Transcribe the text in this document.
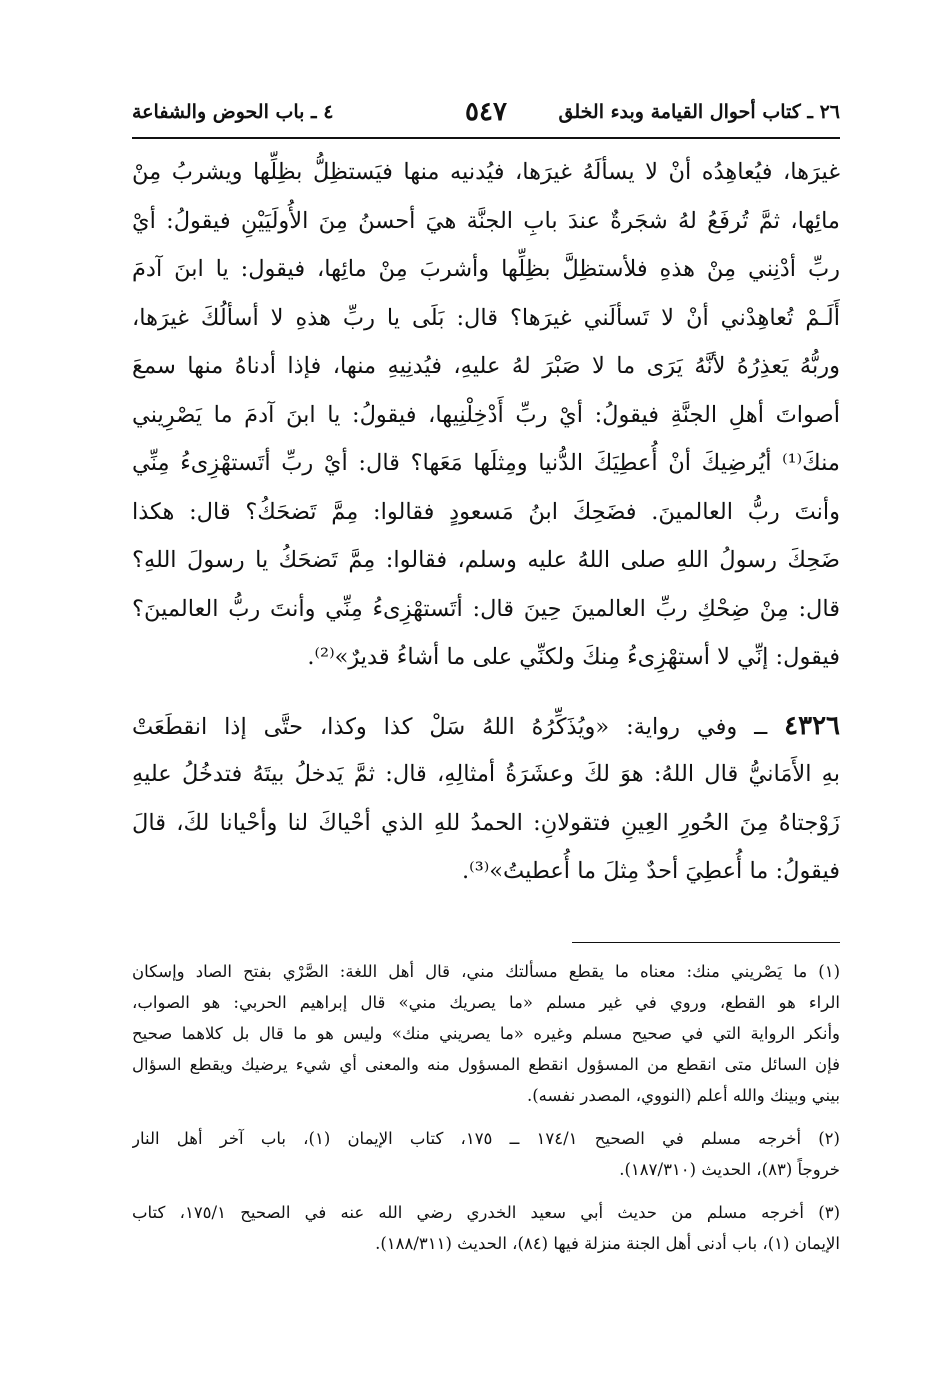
٢٦ ـ كتاب أحوال القيامة وبدء الخلق
٥٤٧
٤ ـ باب الحوض والشفاعة
غيرَها، فيُعاهِدُه أنْ لا يسألَهُ غيرَها، فيُدنيه منها فيَستظِلُّ بظِلِّها ويشربُ مِنْ
مائِها، ثمَّ تُرفَعُ لهُ شجَرةٌ عندَ بابِ الجنَّة هيَ أحسنُ مِنَ الأُولَيَيْنِ فيقولُ: أيْ
ربِّ أدْنِني مِنْ هذهِ فلأستظِلَّ بظِلِّها وأشربَ مِنْ مائِها، فيقول: يا ابنَ آدمَ
أَلَـمْ تُعاهِدْني أنْ لا تَسألَني غيرَها؟ قال: بَلَى يا ربِّ هذهِ لا أسألُكَ غيرَها،
وربُّهُ يَعذِرُهُ لأنَّهُ يَرَى ما لا صَبْرَ لهُ عليهِ، فيُدنِيهِ منها، فإذا أدناهُ منها سمعَ
أصواتَ أهلِ الجنَّةِ فيقولُ: أيْ ربِّ أَدْخِلْنِيها، فيقولُ: يا ابنَ آدمَ ما يَصْرِيني
منكَ⁽¹⁾ أيُرضِيكَ أنْ أُعطِيَكَ الدُّنيا ومِثلَها مَعَها؟ قال: أيْ ربِّ أتَستهْزِىءُ مِنِّي
وأنتَ ربُّ العالمينَ. فضَحِكَ ابنُ مَسعودٍ فقالوا: مِمَّ تَضحَكُ؟ قال: هكذا
ضَحِكَ رسولُ اللهِ صلى اللهُ عليه وسلم، فقالوا: مِمَّ تَضحَكُ يا رسولَ اللهِ؟
قال: مِنْ ضِحْكِ ربِّ العالمينَ حِينَ قال: أتَستهْزِىءُ مِنِّي وأنتَ ربُّ العالمينَ؟
فيقول: إنِّي لا أستهْزِىءُ مِنكَ ولكنِّي على ما أشاءُ قديرٌ»⁽²⁾.
٤٣٢٦ ــ وفي رواية: «ويُذَكِّرُهُ اللهُ سَلْ كذا وكذا، حتَّى إذا انقطَعَتْ
بهِ الأَمَانيُّ قال اللهُ: هوَ لكَ وعشَرَةُ أمثالِهِ، قال: ثمَّ يَدخلُ بيتَهُ فتدخُلُ عليهِ
زَوْجتاهُ مِنَ الحُورِ العِينِ فتقولانِ: الحمدُ للهِ الذي أحْياكَ لنا وأحْيانا لكَ، قالَ
فيقولُ: ما أُعطِيَ أحدٌ مِثلَ ما أُعطيتُ»⁽³⁾.
(١) ما يَصْريني منك: معناه ما يقطع مسألتك مني، قال أهل اللغة: الصَّرْي بفتح الصاد وإسكان
الراء هو القطع، وروي في غير مسلم «ما يصريك مني» قال إبراهيم الحربي: هو الصواب،
وأنكر الرواية التي في صحيح مسلم وغيره «ما يصريني منك» وليس هو ما قال بل كلاهما صحيح
فإن السائل متى انقطع من المسؤول انقطع المسؤول منه والمعنى أي شيء يرضيك ويقطع السؤال
بيني وبينك والله أعلم (النووي، المصدر نفسه).
(٢) أخرجه مسلم في الصحيح ١٧٤/١ ــ ١٧٥، كتاب الإيمان (١)، باب آخر أهل النار
خروجاً (٨٣)، الحديث (١٨٧/٣١٠).
(٣) أخرجه مسلم من حديث أبي سعيد الخدري رضي الله عنه في الصحيح ١٧٥/١، كتاب
الإيمان (١)، باب أدنى أهل الجنة منزلة فيها (٨٤)، الحديث (١٨٨/٣١١).
